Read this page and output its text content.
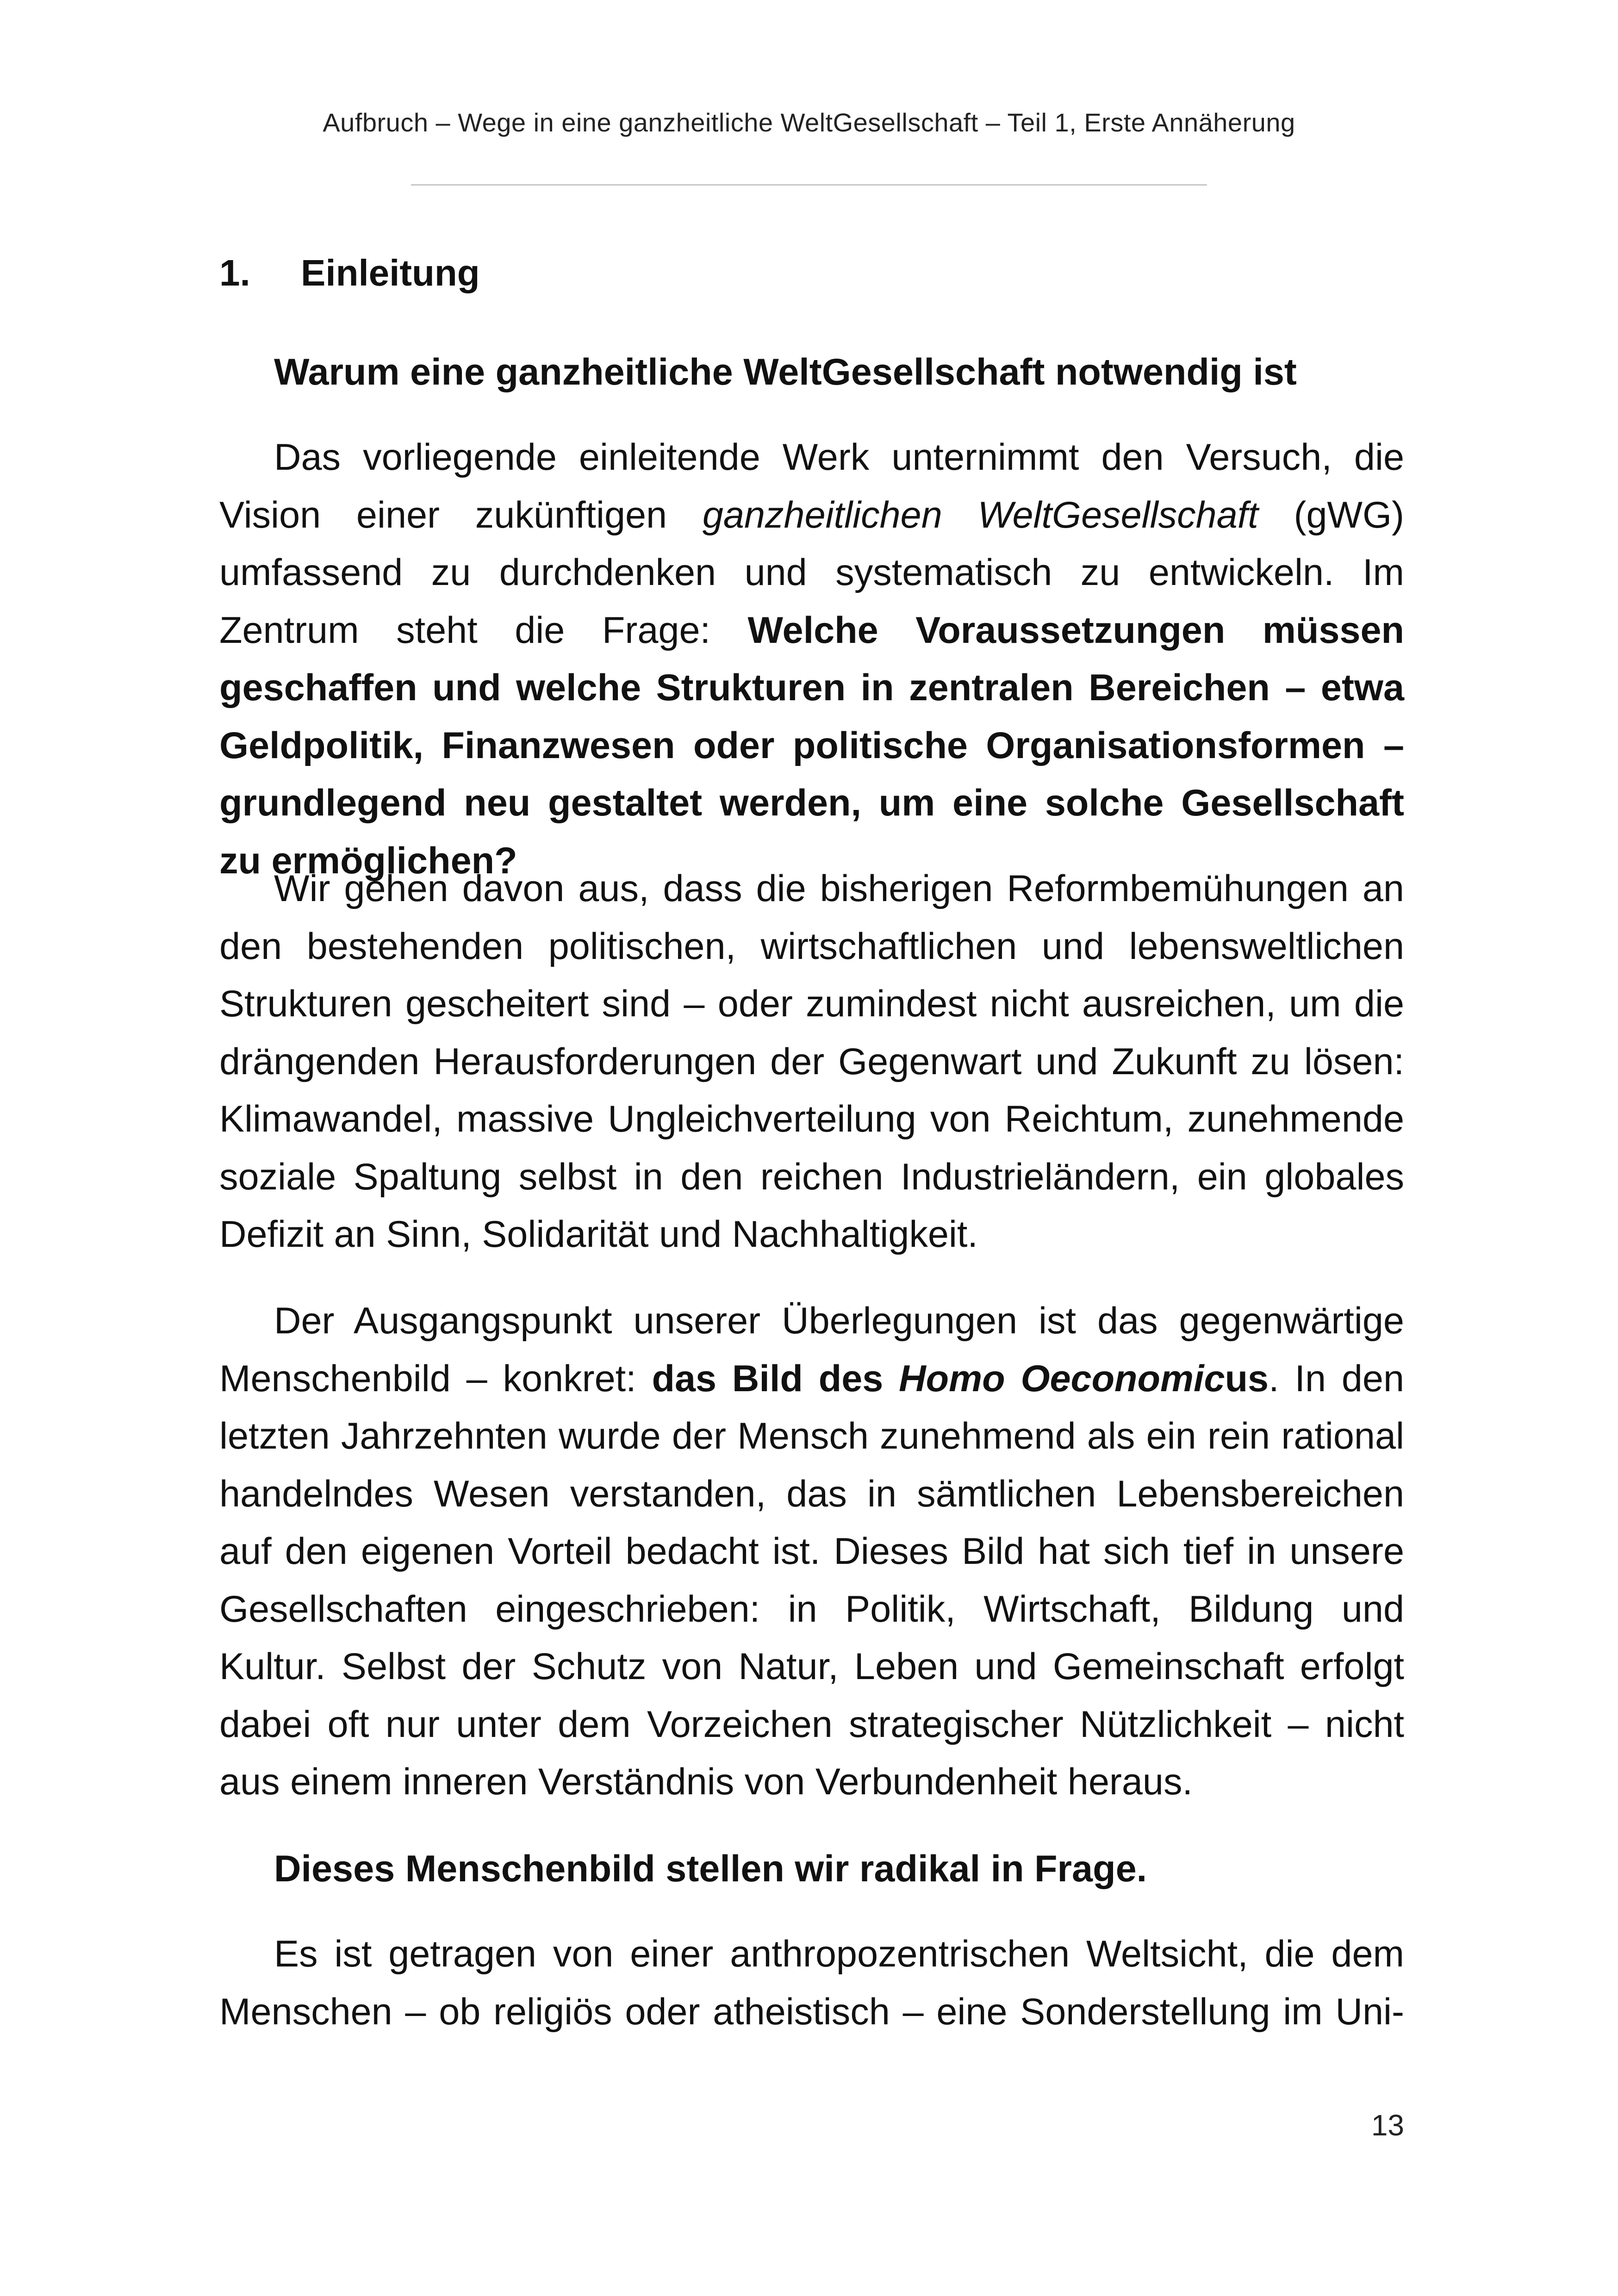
Aufbruch – Wege in eine ganzheitliche WeltGesellschaft – Teil 1, Erste Annäherung
1. Einleitung

Warum eine ganzheitliche WeltGesellschaft notwendig ist

Das vorliegende einleitende Werk unternimmt den Versuch, die Vision einer zukünftigen ganzheitlichen WeltGesellschaft (gWG) umfassend zu durchdenken und systematisch zu entwickeln. Im Zentrum steht die Frage: Welche Voraussetzungen müssen geschaffen und welche Strukturen in zentralen Bereichen – etwa Geldpolitik, Finanzwesen oder politische Organisationsformen – grundlegend neu gestaltet werden, um eine solche Gesellschaft zu ermöglichen?

Wir gehen davon aus, dass die bisherigen Reformbemühungen an den bestehenden politischen, wirtschaftlichen und lebensweltlichen Strukturen gescheitert sind – oder zumindest nicht ausreichen, um die drängenden Herausforderungen der Gegenwart und Zukunft zu lösen: Klimawandel, massive Ungleichverteilung von Reichtum, zunehmende soziale Spaltung selbst in den reichen Industrieländern, ein globales Defizit an Sinn, Solidarität und Nachhaltigkeit.

Der Ausgangspunkt unserer Überlegungen ist das gegenwärtige Menschenbild – konkret: das Bild des Homo Oeconomicus. In den letzten Jahrzehnten wurde der Mensch zunehmend als ein rein rational handelndes Wesen verstanden, das in sämtlichen Lebensbereichen auf den eigenen Vorteil bedacht ist. Dieses Bild hat sich tief in unsere Gesellschaften eingeschrieben: in Politik, Wirtschaft, Bildung und Kultur. Selbst der Schutz von Natur, Leben und Gemeinschaft erfolgt dabei oft nur unter dem Vorzeichen strategischer Nützlichkeit – nicht aus einem inneren Verständnis von Verbundenheit heraus.

Dieses Menschenbild stellen wir radikal in Frage.

Es ist getragen von einer anthropozentrischen Weltsicht, die dem Menschen – ob religiös oder atheistisch – eine Sonderstellung im Uni-

13
